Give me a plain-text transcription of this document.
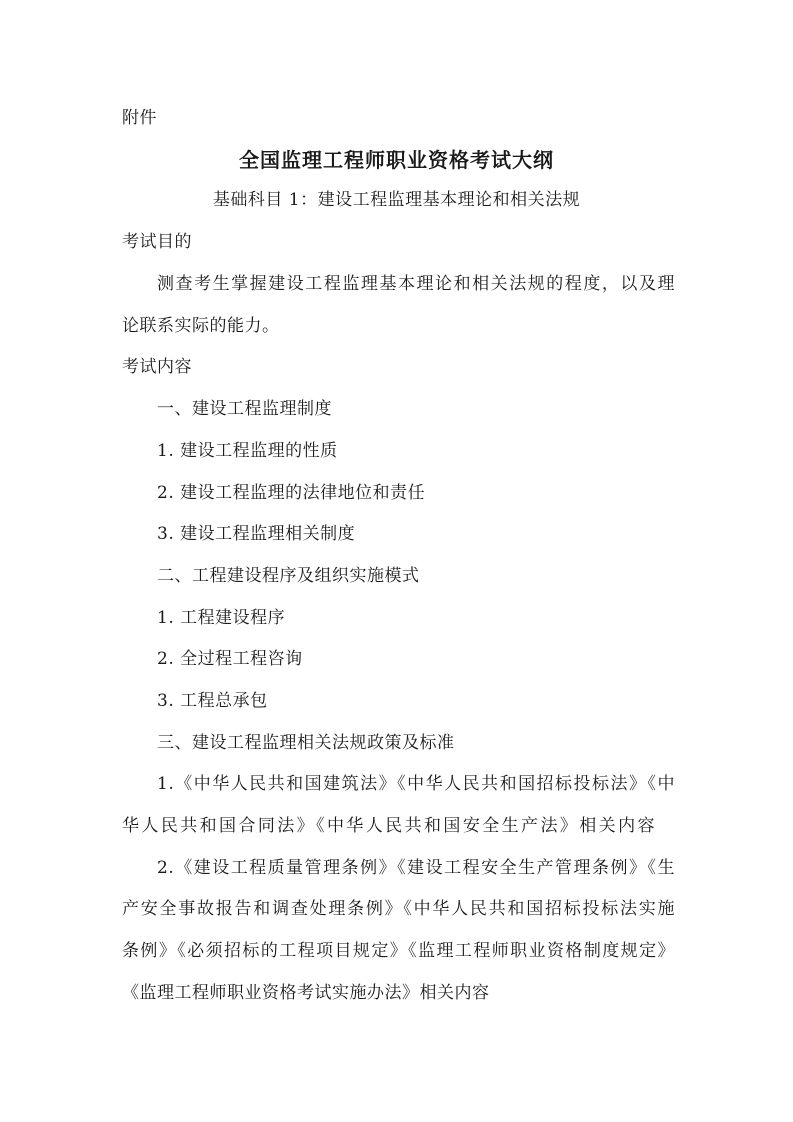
附件
全国监理工程师职业资格考试大纲
基础科目 1：建设工程监理基本理论和相关法规
考试目的
测查考生掌握建设工程监理基本理论和相关法规的程度，以及理
论联系实际的能力。
考试内容
一、建设工程监理制度
1. 建设工程监理的性质
2. 建设工程监理的法律地位和责任
3. 建设工程监理相关制度
二、工程建设程序及组织实施模式
1. 工程建设程序
2. 全过程工程咨询
3. 工程总承包
三、建设工程监理相关法规政策及标准
1.《中华人民共和国建筑法》《中华人民共和国招标投标法》《中
华人民共和国合同法》《中华人民共和国安全生产法》相关内容
2.《建设工程质量管理条例》《建设工程安全生产管理条例》《生
产安全事故报告和调查处理条例》《中华人民共和国招标投标法实施
条例》《必须招标的工程项目规定》《监理工程师职业资格制度规定》
《监理工程师职业资格考试实施办法》相关内容
